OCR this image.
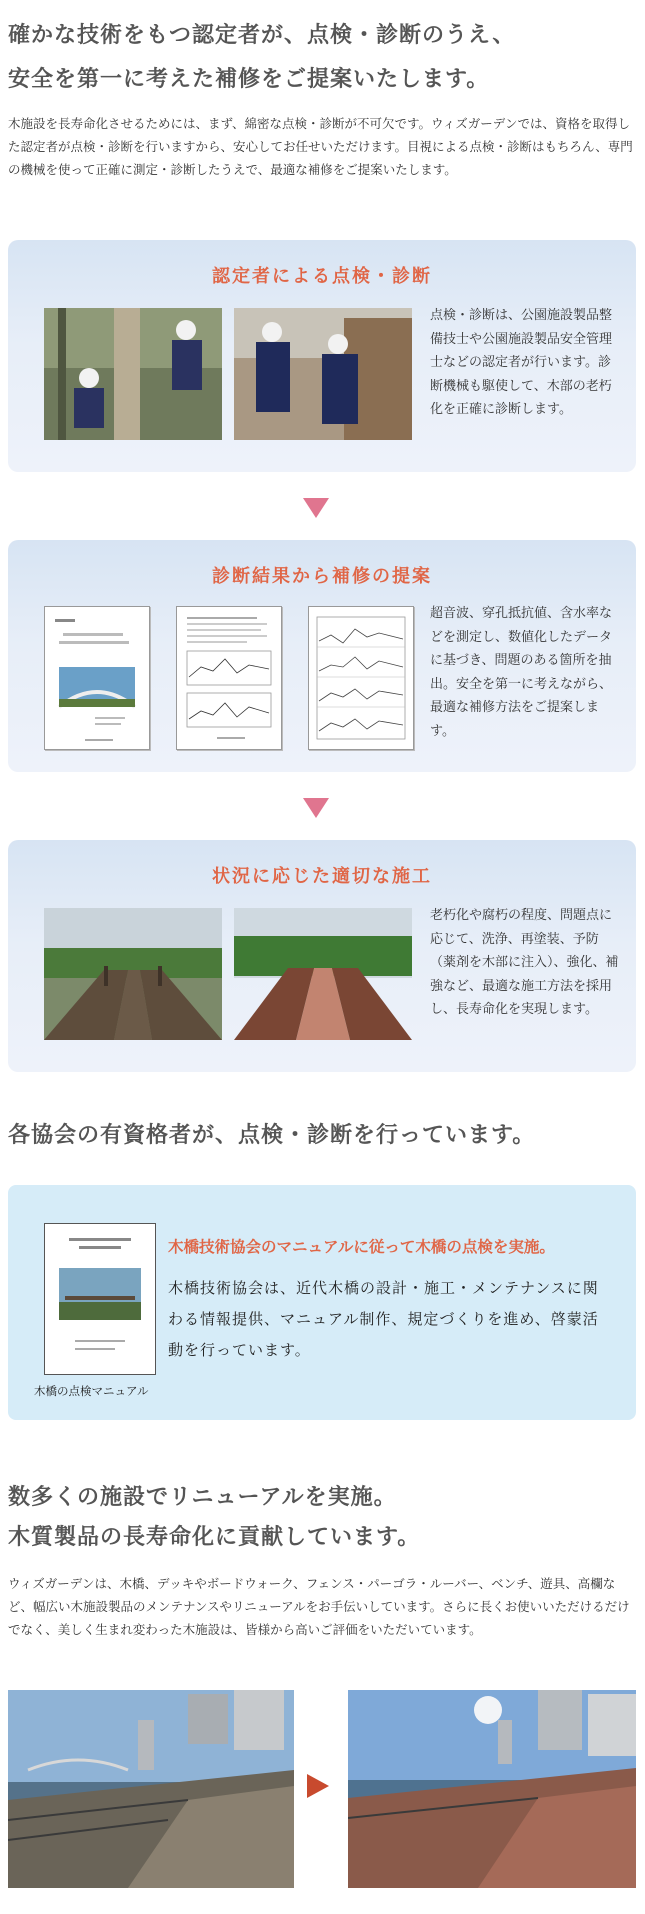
確かな技術をもつ認定者が、点検・診断のうえ、
安全を第一に考えた補修をご提案いたします。

木施設を長寿命化させるためには、まず、綿密な点検・診断が不可欠です。ウィズガーデンでは、資格を取得した認定者が点検・診断を行いますから、安心してお任せいただけます。目視による点検・診断はもちろん、専門の機械を使って正確に測定・診断したうえで、最適な補修をご提案いたします。

認定者による点検・診断

点検・診断は、公園施設製品整備技士や公園施設製品安全管理士などの認定者が行います。診断機械も駆使して、木部の老朽化を正確に診断します。

診断結果から補修の提案

超音波、穿孔抵抗値、含水率などを測定し、数値化したデータに基づき、問題のある箇所を抽出。安全を第一に考えながら、最適な補修方法をご提案します。

状況に応じた適切な施工

老朽化や腐朽の程度、問題点に応じて、洗浄、再塗装、予防（薬剤を木部に注入）、強化、補強など、最適な施工方法を採用し、長寿命化を実現します。

各協会の有資格者が、点検・診断を行っています。
木橋の点検マニュアル
木橋技術協会のマニュアルに従って木橋の点検を実施。

木橋技術協会は、近代木橋の設計・施工・メンテナンスに関わる情報提供、マニュアル制作、規定づくりを進め、啓蒙活動を行っています。

数多くの施設でリニューアルを実施。
木質製品の長寿命化に貢献しています。

ウィズガーデンは、木橋、デッキやボードウォーク、フェンス・パーゴラ・ルーバー、ベンチ、遊具、高欄など、幅広い木施設製品のメンテナンスやリニューアルをお手伝いしています。さらに長くお使いいただけるだけでなく、美しく生まれ変わった木施設は、皆様から高いご評価をいただいています。
